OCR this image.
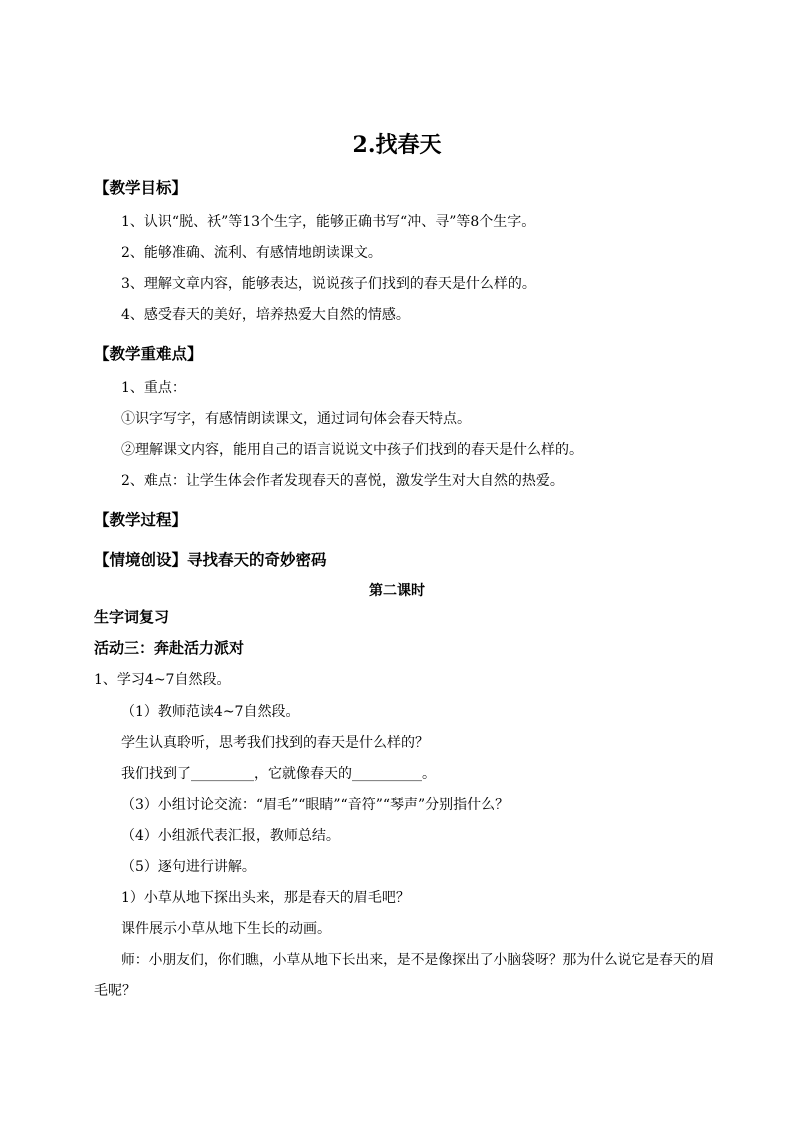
2.找春天
【教学目标】
1、认识“脱、袄”等13个生字，能够正确书写“冲、寻”等8个生字。
2、能够准确、流利、有感情地朗读课文。
3、理解文章内容，能够表达，说说孩子们找到的春天是什么样的。
4、感受春天的美好，培养热爱大自然的情感。
【教学重难点】
1、重点：
①识字写字，有感情朗读课文，通过词句体会春天特点。
②理解课文内容，能用自己的语言说说文中孩子们找到的春天是什么样的。
2、难点：让学生体会作者发现春天的喜悦，激发学生对大自然的热爱。
【教学过程】
【情境创设】寻找春天的奇妙密码
第二课时
生字词复习
活动三：奔赴活力派对
1、学习4~7自然段。
（1）教师范读4~7自然段。
学生认真聆听，思考我们找到的春天是什么样的？
我们找到了_________，它就像春天的__________。
（3）小组讨论交流：“眉毛”“眼睛”“音符”“琴声”分别指什么？
（4）小组派代表汇报，教师总结。
（5）逐句进行讲解。
1）小草从地下探出头来，那是春天的眉毛吧？
课件展示小草从地下生长的动画。
师：小朋友们，你们瞧，小草从地下长出来，是不是像探出了小脑袋呀？那为什么说它是春天的眉
毛呢？
